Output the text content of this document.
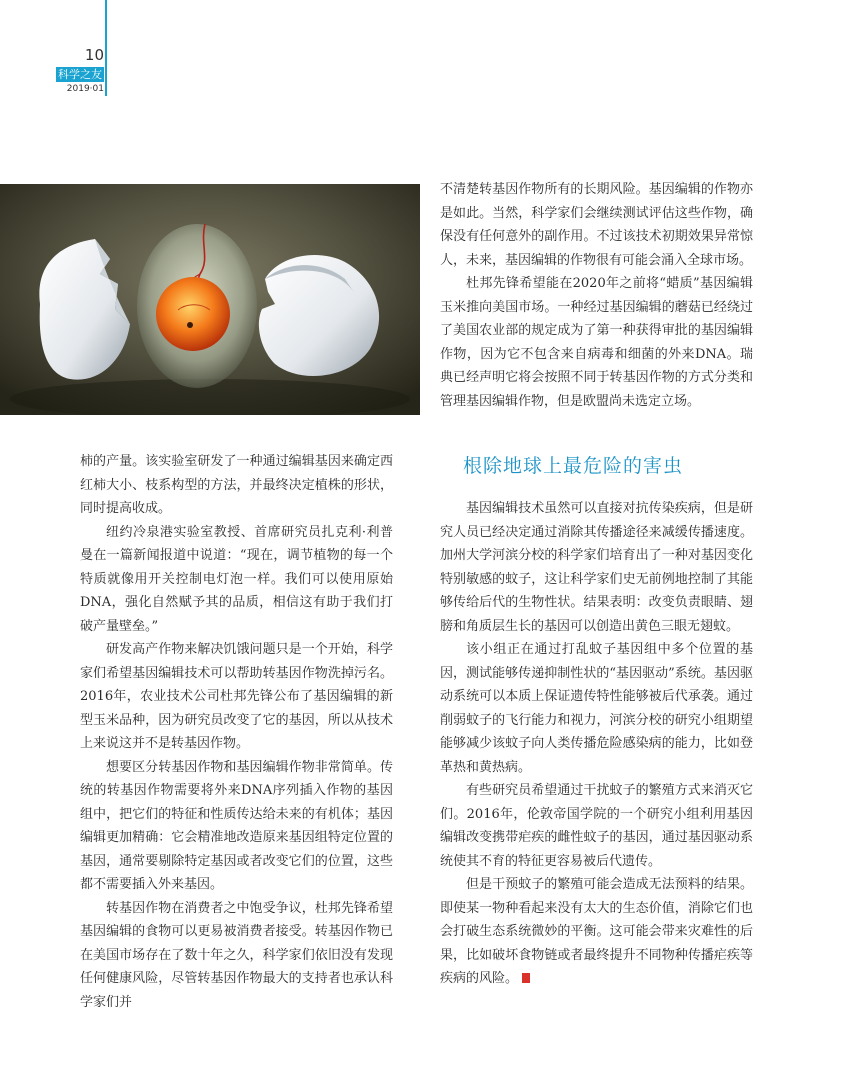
10
科学之友
2019·01

不清楚转基因作物所有的长期风险。基因编辑的作物亦是如此。当然，科学家们会继续测试评估这些作物，确保没有任何意外的副作用。不过该技术初期效果异常惊人，未来，基因编辑的作物很有可能会涌入全球市场。

杜邦先锋希望能在2020年之前将“蜡质”基因编辑玉米推向美国市场。一种经过基因编辑的蘑菇已经绕过了美国农业部的规定成为了第一种获得审批的基因编辑作物，因为它不包含来自病毒和细菌的外来DNA。瑞典已经声明它将会按照不同于转基因作物的方式分类和管理基因编辑作物，但是欧盟尚未选定立场。

根除地球上最危险的害虫

柿的产量。该实验室研发了一种通过编辑基因来确定西红柿大小、枝系构型的方法，并最终决定植株的形状，同时提高收成。

纽约冷泉港实验室教授、首席研究员扎克利·利普曼在一篇新闻报道中说道：“现在，调节植物的每一个特质就像用开关控制电灯泡一样。我们可以使用原始DNA，强化自然赋予其的品质，相信这有助于我们打破产量壁垒。”

研发高产作物来解决饥饿问题只是一个开始，科学家们希望基因编辑技术可以帮助转基因作物洗掉污名。2016年，农业技术公司杜邦先锋公布了基因编辑的新型玉米品种，因为研究员改变了它的基因，所以从技术上来说这并不是转基因作物。

想要区分转基因作物和基因编辑作物非常简单。传统的转基因作物需要将外来DNA序列插入作物的基因组中，把它们的特征和性质传达给未来的有机体；基因编辑更加精确：它会精准地改造原来基因组特定位置的基因，通常要剔除特定基因或者改变它们的位置，这些都不需要插入外来基因。

转基因作物在消费者之中饱受争议，杜邦先锋希望基因编辑的食物可以更易被消费者接受。转基因作物已在美国市场存在了数十年之久，科学家们依旧没有发现任何健康风险，尽管转基因作物最大的支持者也承认科学家们并

基因编辑技术虽然可以直接对抗传染疾病，但是研究人员已经决定通过消除其传播途径来减缓传播速度。加州大学河滨分校的科学家们培育出了一种对基因变化特别敏感的蚊子，这让科学家们史无前例地控制了其能够传给后代的生物性状。结果表明：改变负责眼睛、翅膀和角质层生长的基因可以创造出黄色三眼无翅蚊。

该小组正在通过打乱蚊子基因组中多个位置的基因，测试能够传递抑制性状的“基因驱动”系统。基因驱动系统可以本质上保证遗传特性能够被后代承袭。通过削弱蚊子的飞行能力和视力，河滨分校的研究小组期望能够减少该蚊子向人类传播危险感染病的能力，比如登革热和黄热病。

有些研究员希望通过干扰蚊子的繁殖方式来消灭它们。2016年，伦敦帝国学院的一个研究小组利用基因编辑改变携带疟疾的雌性蚊子的基因，通过基因驱动系统使其不育的特征更容易被后代遗传。

但是干预蚊子的繁殖可能会造成无法预料的结果。即使某一物种看起来没有太大的生态价值，消除它们也会打破生态系统微妙的平衡。这可能会带来灾难性的后果，比如破坏食物链或者最终提升不同物种传播疟疾等疾病的风险。
